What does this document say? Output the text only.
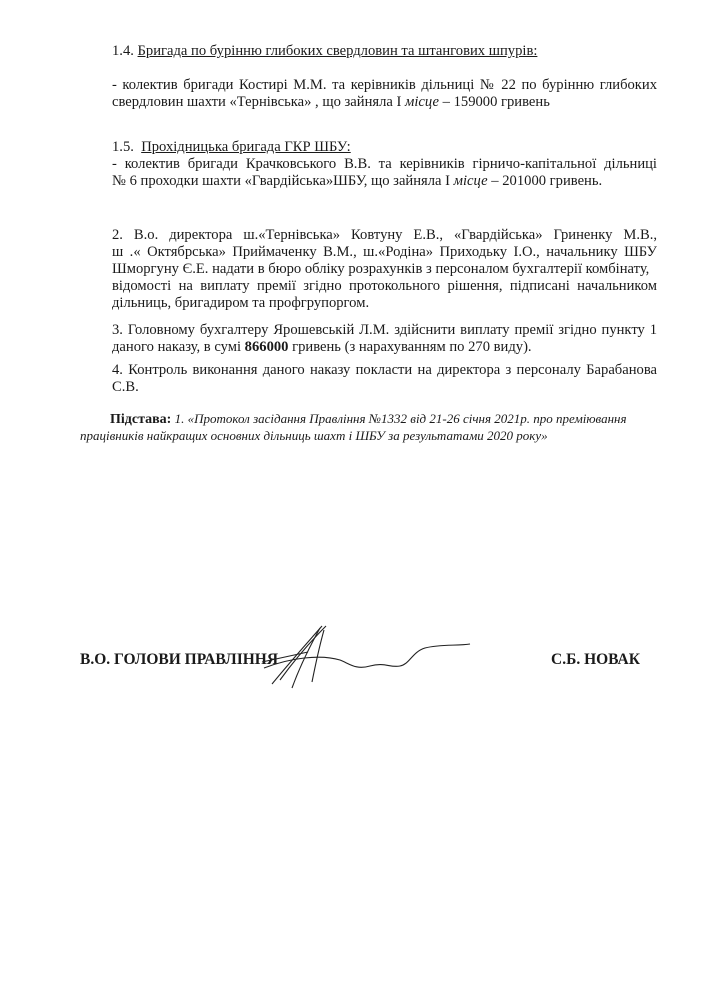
1.4. Бригада по бурінню глибоких свердловин та штангових шпурів:
- колектив бригади Костирі М.М. та керівників дільниці № 22 по бурінню глибоких
свердловин шахти «Тернівська» , що зайняла І місце – 159000 гривень
1.5. Прохідницька бригада ГКР ШБУ:
- колектив бригади Крачковського В.В. та керівників гірничо-капітальної дільниці
№ 6 проходки шахти «Гвардійська»ШБУ, що зайняла І місце – 201000 гривень.
2. В.о. директора ш.«Тернівська» Ковтуну Е.В., «Гвардійська» Гриненку М.В.,
ш .« Октябрська» Приймаченку В.М., ш.«Родіна» Приходьку І.О., начальнику ШБУ
Шморгуну Є.Е. надати в бюро обліку розрахунків з персоналом бухгалтерії комбінату,
відомості на виплату премії згідно протокольного рішення, підписані начальником
дільниць, бригадиром та профгрупоргом.
3. Головному бухгалтеру Ярошевській Л.М. здійснити виплату премії згідно пункту 1
даного наказу, в сумі 866000 гривень (з нарахуванням по 270 виду).
4. Контроль виконання даного наказу покласти на директора з персоналу Барабанова
С.В.
Підстава: 1. «Протокол засідання Правління №1332 від 21-26 січня 2021р. про преміювання
працівників найкращих основних дільниць шахт і ШБУ за результатами 2020 року»
В.О. ГОЛОВИ ПРАВЛІННЯ	С.Б. НОВАК
